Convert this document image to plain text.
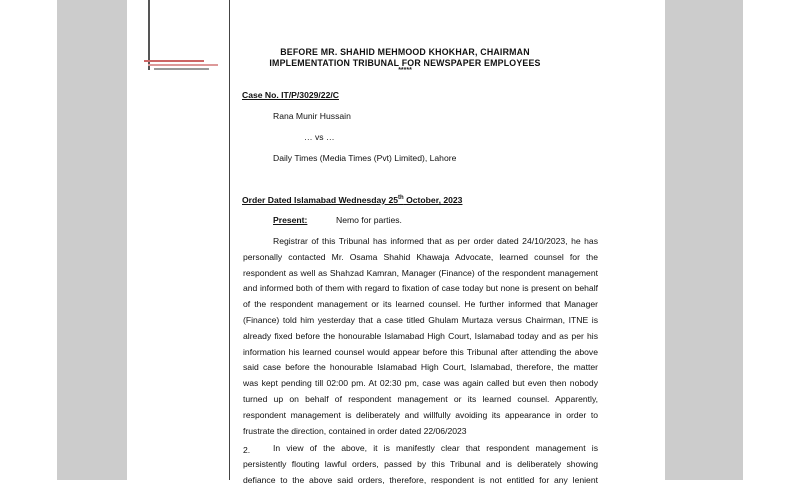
BEFORE MR. SHAHID MEHMOOD KHOKHAR, CHAIRMAN
IMPLEMENTATION TRIBUNAL FOR NEWSPAPER EMPLOYEES
*****
Case No. IT/P/3029/22/C
Rana Munir Hussain
… vs …
Daily Times (Media Times (Pvt) Limited), Lahore
Order Dated Islamabad Wednesday 25th October, 2023
Present:	Nemo for parties.
Registrar of this Tribunal has informed that as per order dated 24/10/2023, he has
personally contacted Mr. Osama Shahid Khawaja Advocate, learned counsel for the
respondent as well as Shahzad Kamran, Manager (Finance) of the respondent management
and informed both of them with regard to fixation of case today but none is present on behalf
of the respondent management or its learned counsel. He further informed that Manager
(Finance) told him yesterday that a case titled Ghulam Murtaza versus Chairman, ITNE is
already fixed before the honourable Islamabad High Court, Islamabad today and as per his
information his learned counsel would appear before this Tribunal after attending the above
said case before the honourable Islamabad High Court, Islamabad, therefore, the matter
was kept pending till 02:00 pm. At 02:30 pm, case was again called but even then nobody
turned up on behalf of respondent management or its learned counsel. Apparently,
respondent management is deliberately and willfully avoiding its appearance in order to
frustrate the direction, contained in order dated 22/06/2023
2.	In view of the above, it is manifestly clear that respondent management is
persistently flouting lawful orders, passed by this Tribunal and is deliberately showing
defiance to the above said orders, therefore, respondent is not entitled for any lenient
